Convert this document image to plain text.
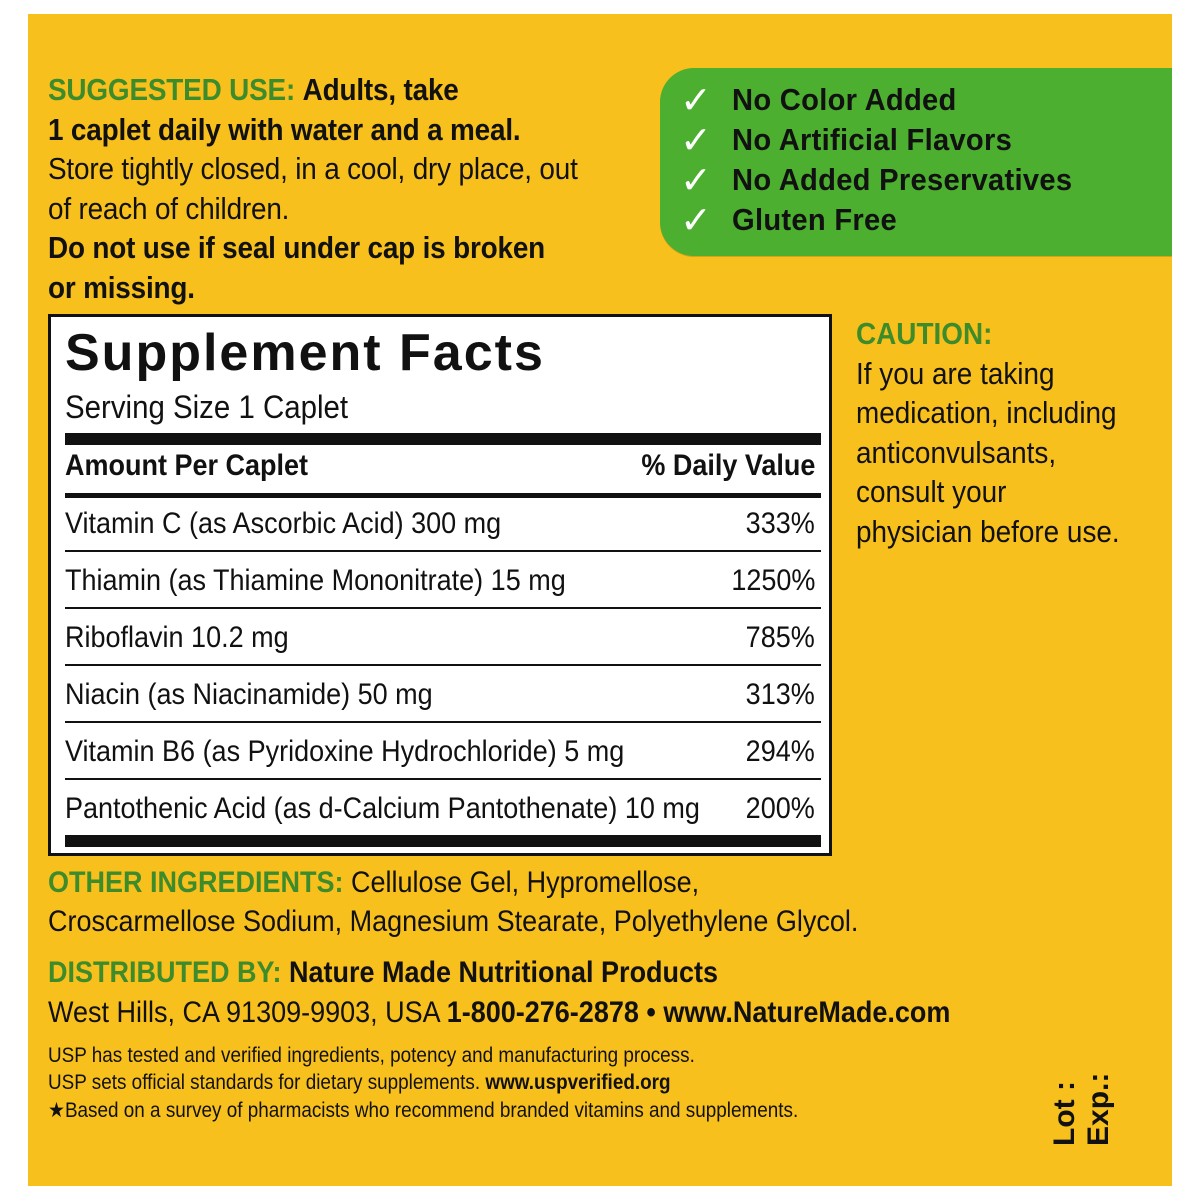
SUGGESTED USE: Adults, take
1 caplet daily with water and a meal.
Store tightly closed, in a cool, dry place, out of reach of children.
Do not use if seal under cap is broken or missing.
✓ No Color Added
✓ No Artificial Flavors
✓ No Added Preservatives
✓ Gluten Free
Supplement Facts
Serving Size 1 Caplet
Amount Per Caplet	% Daily Value
Vitamin C (as Ascorbic Acid) 300 mg	333%
Thiamin (as Thiamine Mononitrate) 15 mg	1250%
Riboflavin 10.2 mg	785%
Niacin (as Niacinamide) 50 mg	313%
Vitamin B6 (as Pyridoxine Hydrochloride) 5 mg	294%
Pantothenic Acid (as d-Calcium Pantothenate) 10 mg 200%
CAUTION:
If you are taking medication, including anticonvulsants, consult your physician before use.
OTHER INGREDIENTS: Cellulose Gel, Hypromellose,
Croscarmellose Sodium, Magnesium Stearate, Polyethylene Glycol.
DISTRIBUTED BY: Nature Made Nutritional Products
West Hills, CA 91309-9903, USA 1-800-276-2878 • www.NatureMade.com
USP has tested and verified ingredients, potency and manufacturing process.
USP sets official standards for dietary supplements. www.uspverified.org
★Based on a survey of pharmacists who recommend branded vitamins and supplements.	Lot : Exp.:
